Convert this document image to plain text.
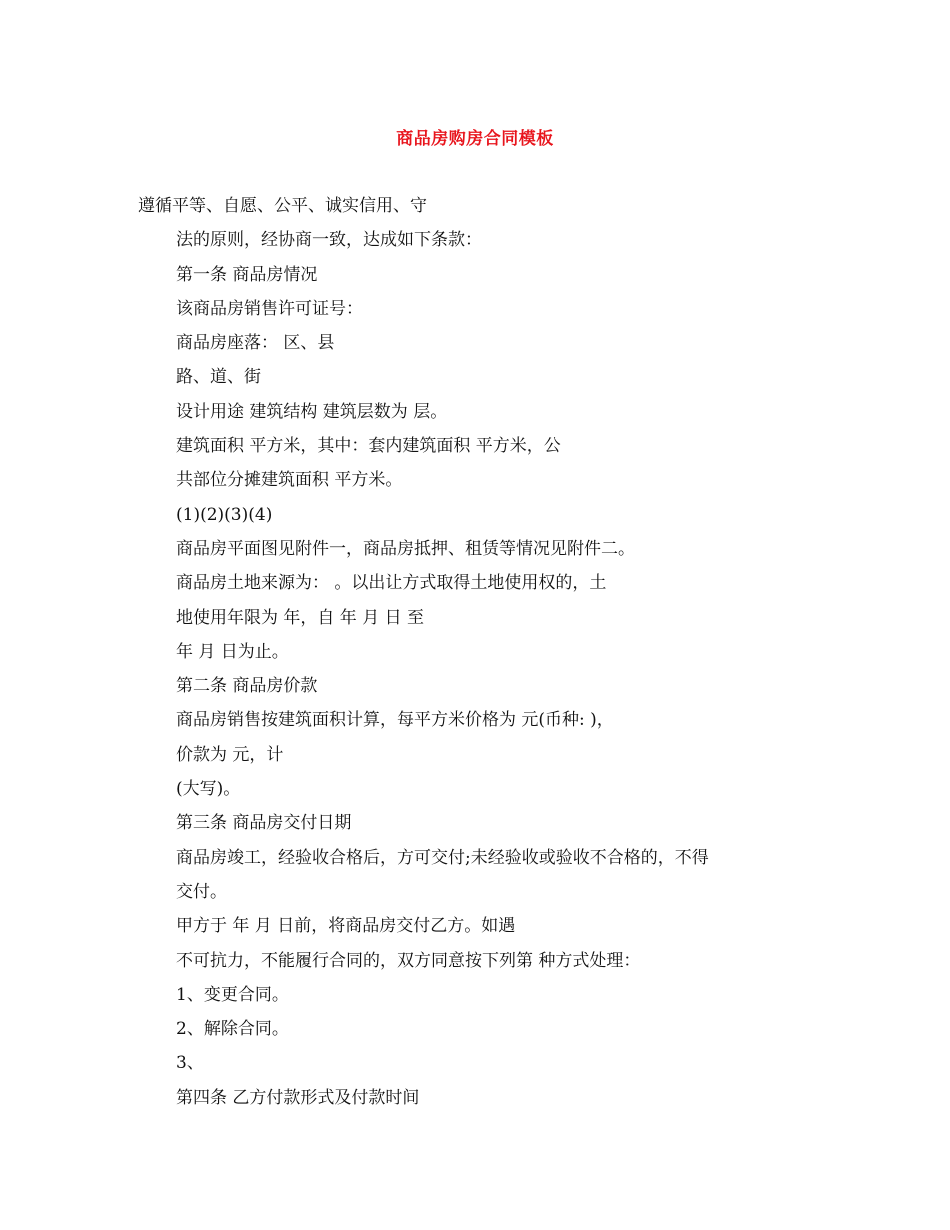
商品房购房合同模板
遵循平等、自愿、公平、诚实信用、守
法的原则，经协商一致，达成如下条款：
第一条 商品房情况
该商品房销售许可证号：
商品房座落： 区、县
路、道、街
设计用途 建筑结构 建筑层数为 层。
建筑面积 平方米，其中：套内建筑面积 平方米，公
共部位分摊建筑面积 平方米。
(1)(2)(3)(4)
商品房平面图见附件一，商品房抵押、租赁等情况见附件二。
商品房土地来源为： 。以出让方式取得土地使用权的，土
地使用年限为 年，自 年 月 日 至
年 月 日为止。
第二条 商品房价款
商品房销售按建筑面积计算，每平方米价格为 元(币种: )，
价款为 元，计
(大写)。
第三条 商品房交付日期
商品房竣工，经验收合格后，方可交付;未经验收或验收不合格的，不得
交付。
甲方于 年 月 日前，将商品房交付乙方。如遇
不可抗力，不能履行合同的，双方同意按下列第 种方式处理：
1、变更合同。
2、解除合同。
3、
第四条 乙方付款形式及付款时间
